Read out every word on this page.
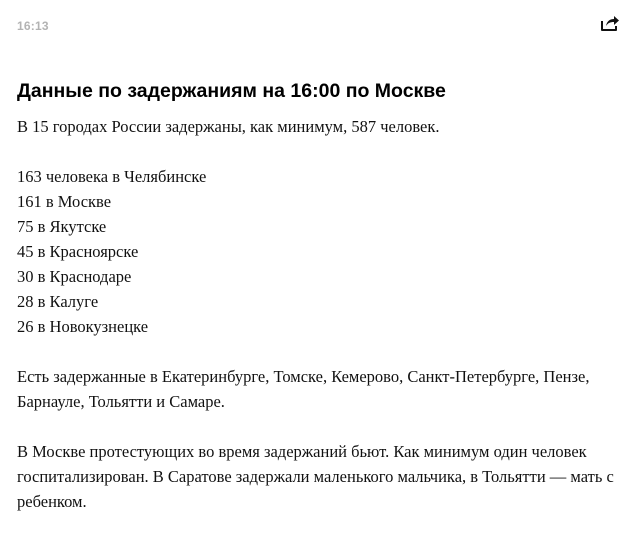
16:13
Данные по задержаниям на 16:00 по Москве

В 15 городах России задержаны, как минимум, 587 человек.

163 человека в Челябинске
161 в Москве
75 в Якутске
45 в Красноярске
30 в Краснодаре
28 в Калуге
26 в Новокузнецке

Есть задержанные в Екатеринбурге, Томске, Кемерово, Санкт-Петербурге, Пензе, Барнауле, Тольятти и Самаре.

В Москве протестующих во время задержаний бьют. Как минимум один человек госпитализирован. В Саратове задержали маленького мальчика, в Тольятти — мать с ребенком.
